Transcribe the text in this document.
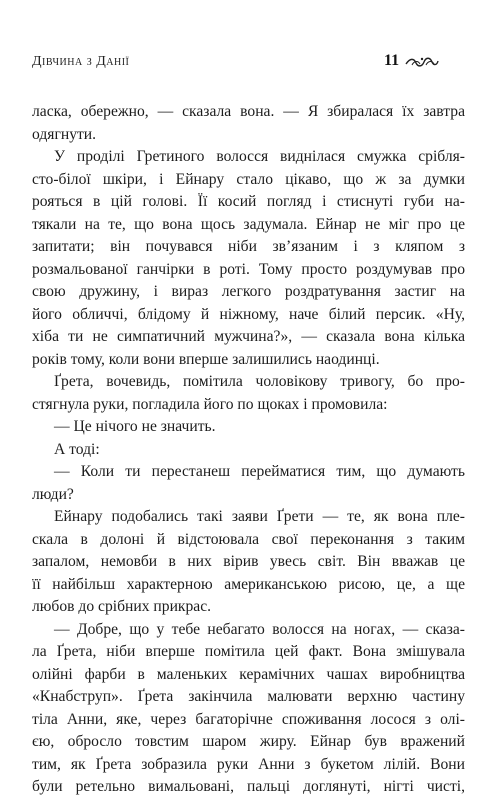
Дівчина з Данії	11
ласка, обережно, — сказала вона. — Я збиралася їх завтра
одягнути.
У проділі Гретиного волосся виднілася смужка срібля-
сто-білої шкіри, і Ейнару стало цікаво, що ж за думки
рояться в цій голові. Її косий погляд і стиснуті губи на-
тякали на те, що вона щось задумала. Ейнар не міг про це
запитати; він почувався ніби зв’язаним і з кляпом з
розмальованої ганчірки в роті. Тому просто роздумував про
свою дружину, і вираз легкого роздратування застиг на
його обличчі, блідому й ніжному, наче білий персик. «Ну,
хіба ти не симпатичний мужчина?», — сказала вона кілька
років тому, коли вони вперше залишились наодинці.
Ґрета, вочевидь, помітила чоловікову тривогу, бо про-
стягнула руки, погладила його по щоках і промовила:
— Це нічого не значить.
А тоді:
— Коли ти перестанеш перейматися тим, що думають
люди?
Ейнару подобались такі заяви Ґрети — те, як вона пле-
скала в долоні й відстоювала свої переконання з таким
запалом, немовби в них вірив увесь світ. Він вважав це
її найбільш характерною американською рисою, це, а ще
любов до срібних прикрас.
— Добре, що у тебе небагато волосся на ногах, — сказа-
ла Ґрета, ніби вперше помітила цей факт. Вона змішувала
олійні фарби в маленьких керамічних чашах виробництва
«Кнабструп». Ґрета закінчила малювати верхню частину
тіла Анни, яке, через багаторічне споживання лосося з олі-
єю, обросло товстим шаром жиру. Ейнар був вражений
тим, як Ґрета зобразила руки Анни з букетом лілій. Вони
були ретельно вимальовані, пальці доглянуті, нігті чисті,
